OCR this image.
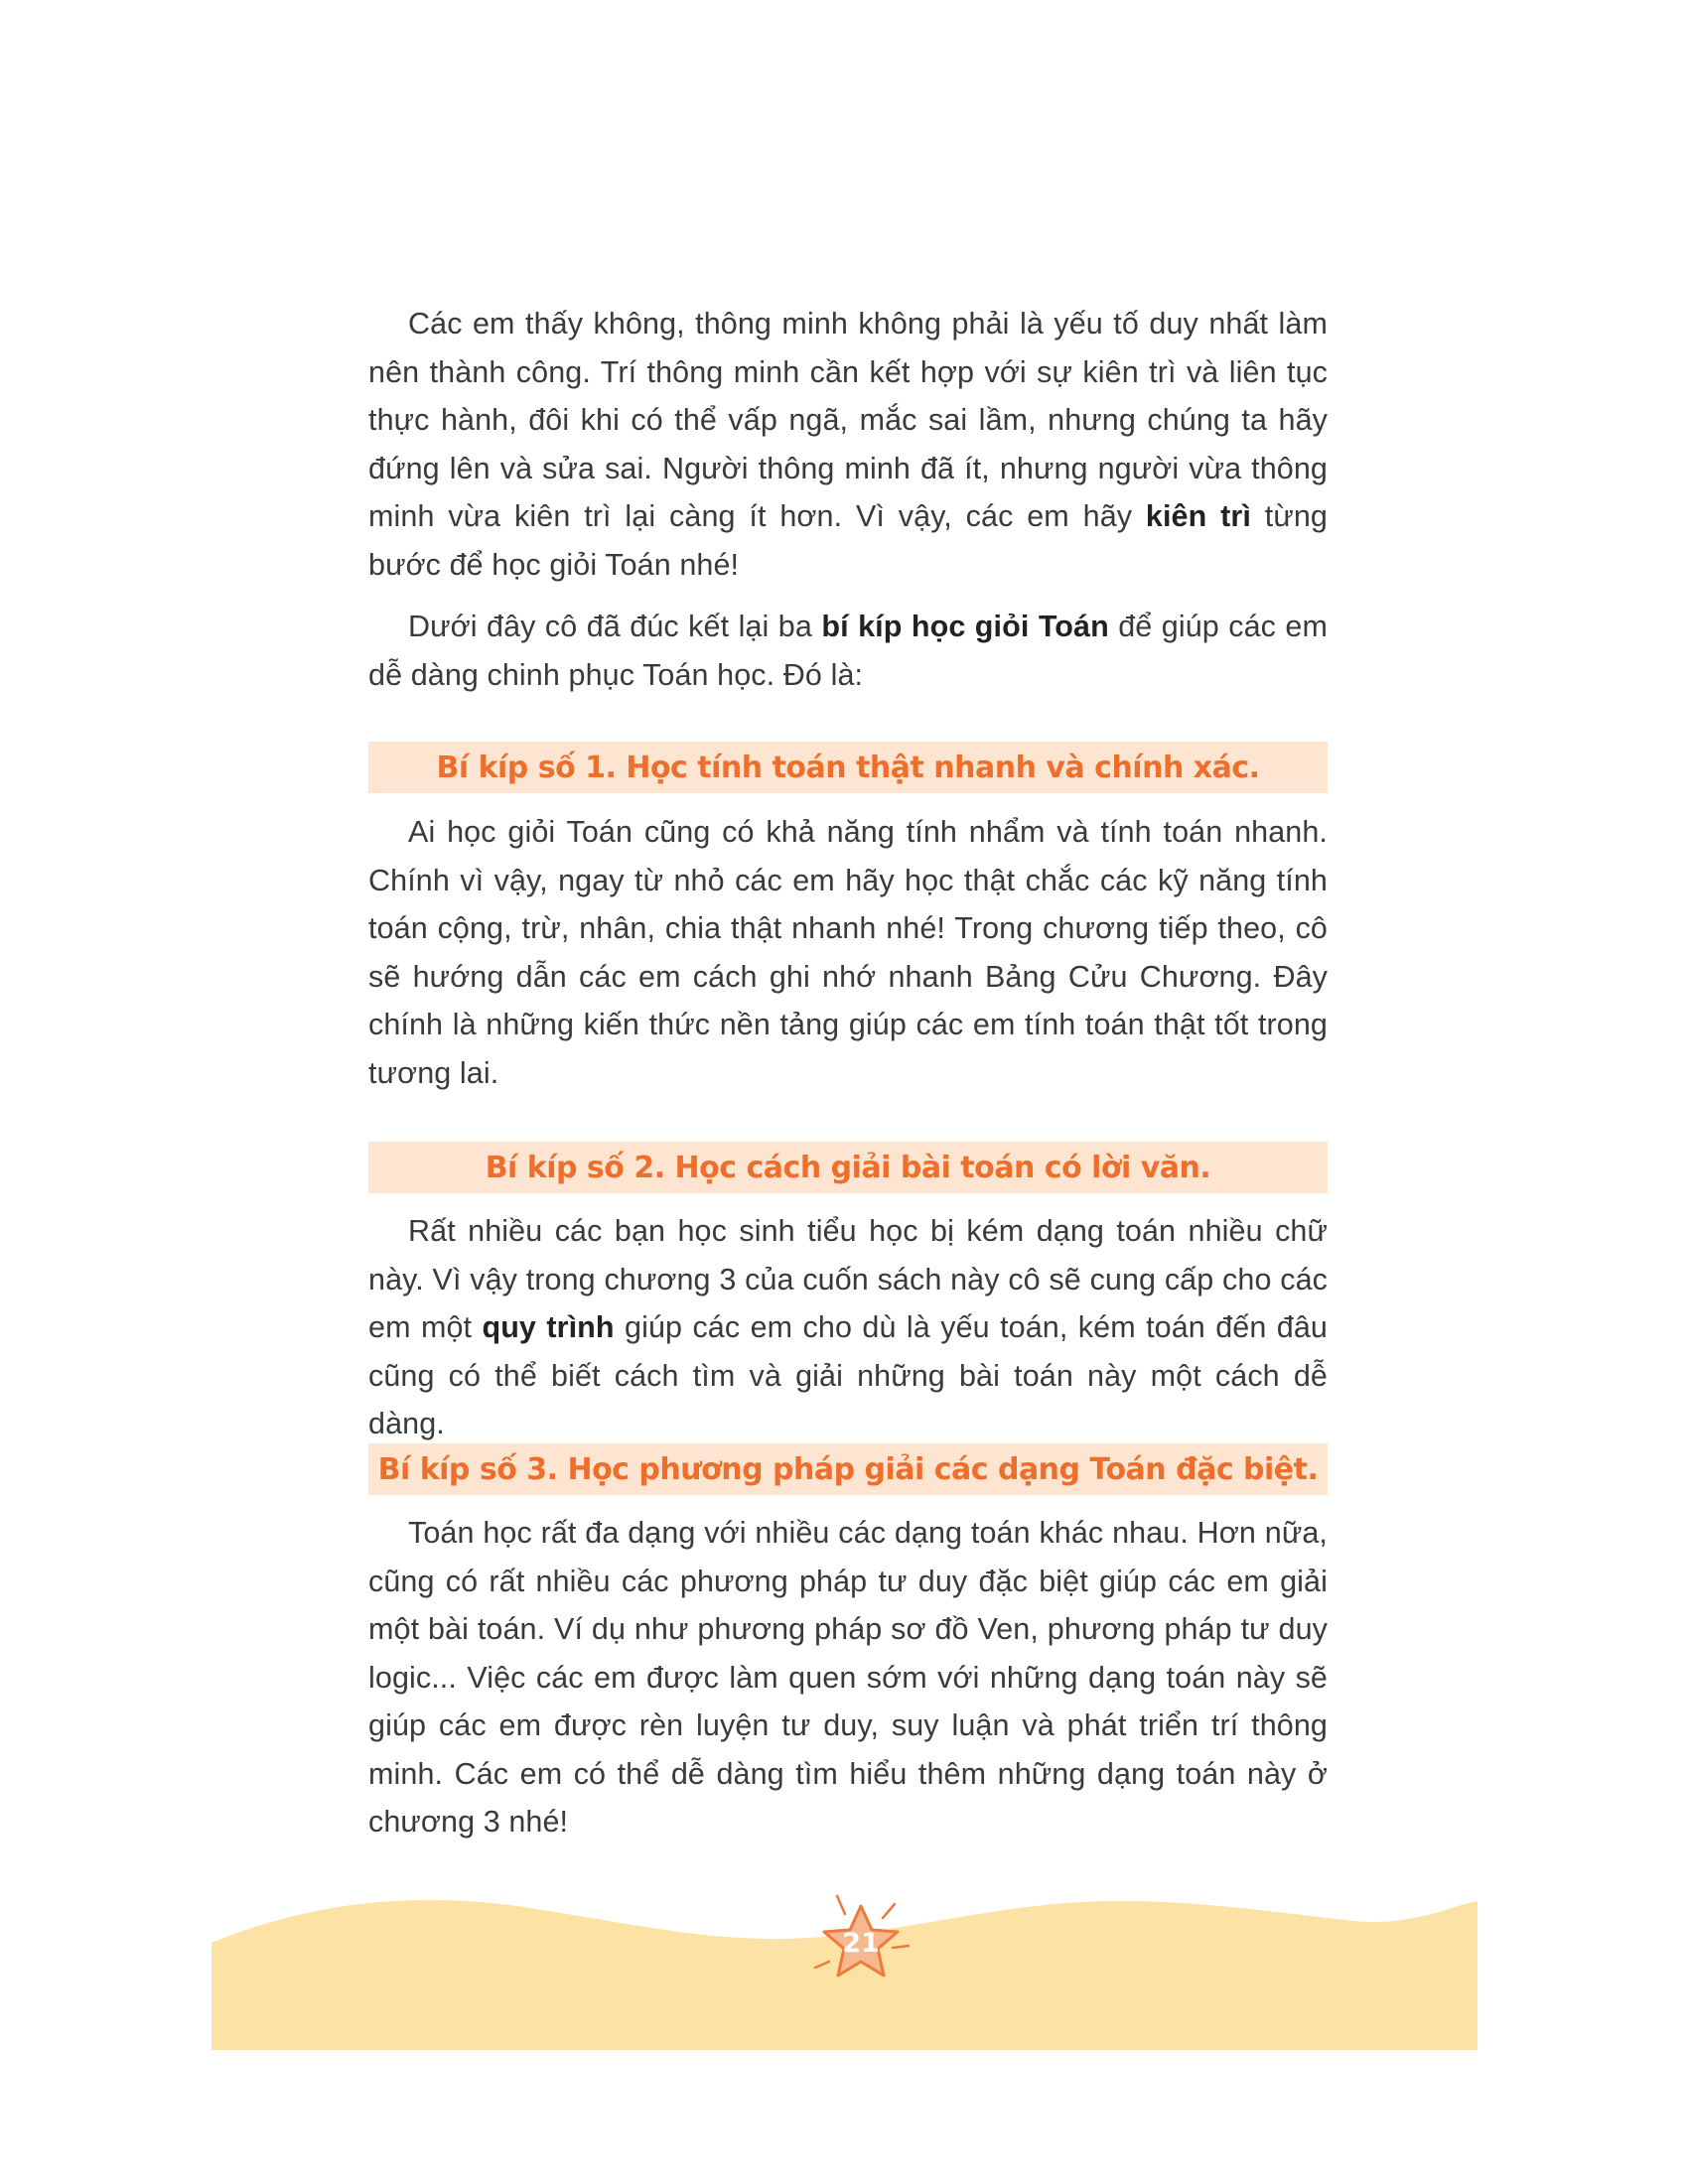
Các em thấy không, thông minh không phải là yếu tố duy nhất làm nên thành công. Trí thông minh cần kết hợp với sự kiên trì và liên tục thực hành, đôi khi có thể vấp ngã, mắc sai lầm, nhưng chúng ta hãy đứng lên và sửa sai. Người thông minh đã ít, nhưng người vừa thông minh vừa kiên trì lại càng ít hơn. Vì vậy, các em hãy kiên trì từng bước để học giỏi Toán nhé!

Dưới đây cô đã đúc kết lại ba bí kíp học giỏi Toán để giúp các em dễ dàng chinh phục Toán học. Đó là:

Bí kíp số 1. Học tính toán thật nhanh và chính xác.

Ai học giỏi Toán cũng có khả năng tính nhẩm và tính toán nhanh. Chính vì vậy, ngay từ nhỏ các em hãy học thật chắc các kỹ năng tính toán cộng, trừ, nhân, chia thật nhanh nhé! Trong chương tiếp theo, cô sẽ hướng dẫn các em cách ghi nhớ nhanh Bảng Cửu Chương. Đây chính là những kiến thức nền tảng giúp các em tính toán thật tốt trong tương lai.

Bí kíp số 2. Học cách giải bài toán có lời văn.

Rất nhiều các bạn học sinh tiểu học bị kém dạng toán nhiều chữ này. Vì vậy trong chương 3 của cuốn sách này cô sẽ cung cấp cho các em một quy trình giúp các em cho dù là yếu toán, kém toán đến đâu cũng có thể biết cách tìm và giải những bài toán này một cách dễ dàng.

Bí kíp số 3. Học phương pháp giải các dạng Toán đặc biệt.

Toán học rất đa dạng với nhiều các dạng toán khác nhau. Hơn nữa, cũng có rất nhiều các phương pháp tư duy đặc biệt giúp các em giải một bài toán. Ví dụ như phương pháp sơ đồ Ven, phương pháp tư duy logic... Việc các em được làm quen sớm với những dạng toán này sẽ giúp các em được rèn luyện tư duy, suy luận và phát triển trí thông minh. Các em có thể dễ dàng tìm hiểu thêm những dạng toán này ở chương 3 nhé!

21
